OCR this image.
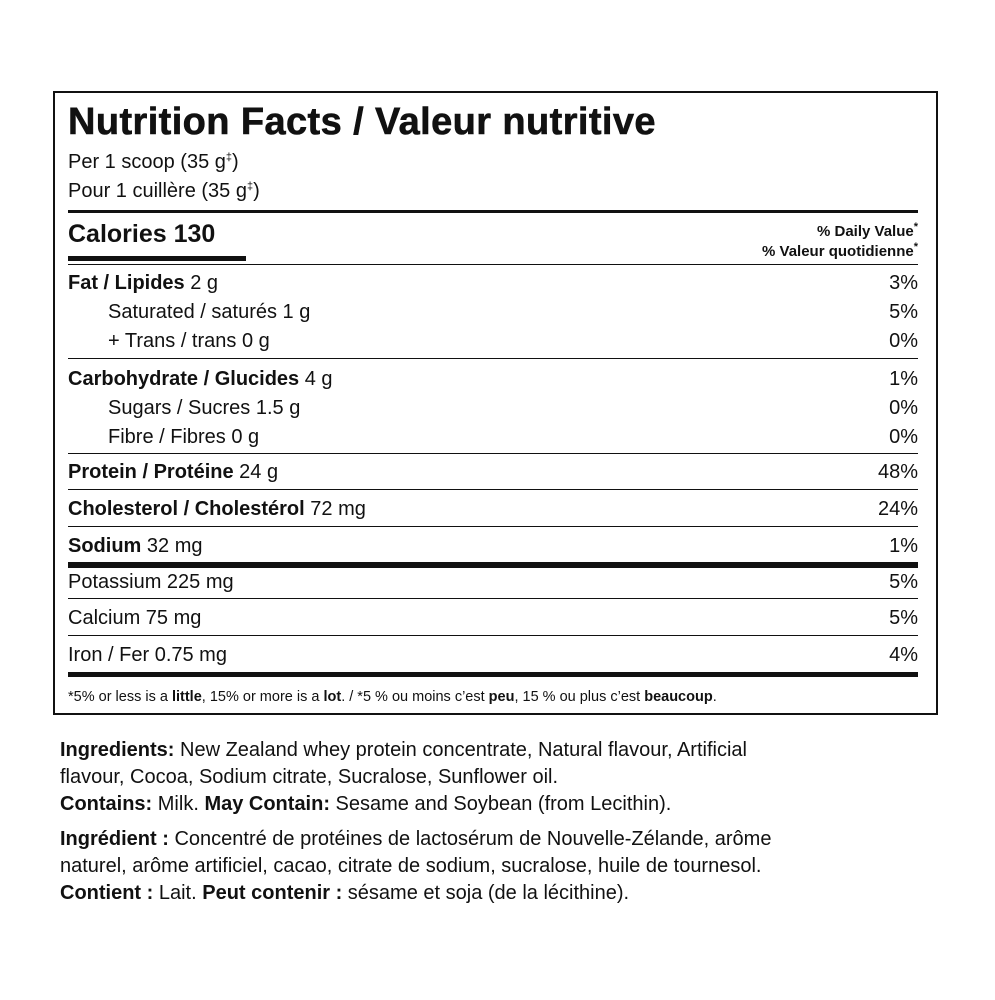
Nutrition Facts / Valeur nutritive
Per 1 scoop (35 g‡)
Pour 1 cuillère (35 g‡)
Calories 130	% Daily Value*
% Valeur quotidienne*
Fat / Lipides 2 g	3%
Saturated / saturés 1 g	5%
+ Trans / trans 0 g	0%
Carbohydrate / Glucides 4 g	1%
Sugars / Sucres 1.5 g	0%
Fibre / Fibres 0 g	0%
Protein / Protéine 24 g	48%
Cholesterol / Cholestérol 72 mg	24%
Sodium 32 mg	1%
Potassium 225 mg	5%
Calcium 75 mg	5%
Iron / Fer 0.75 mg	4%
*5% or less is a little, 15% or more is a lot. / *5 % ou moins c’est peu, 15 % ou plus c’est beaucoup.
Ingredients: New Zealand whey protein concentrate, Natural flavour, Artificial
flavour, Cocoa, Sodium citrate, Sucralose, Sunflower oil.
Contains: Milk. May Contain: Sesame and Soybean (from Lecithin).
Ingrédient : Concentré de protéines de lactosérum de Nouvelle-Zélande, arôme
naturel, arôme artificiel, cacao, citrate de sodium, sucralose, huile de tournesol.
Contient : Lait. Peut contenir : sésame et soja (de la lécithine).
